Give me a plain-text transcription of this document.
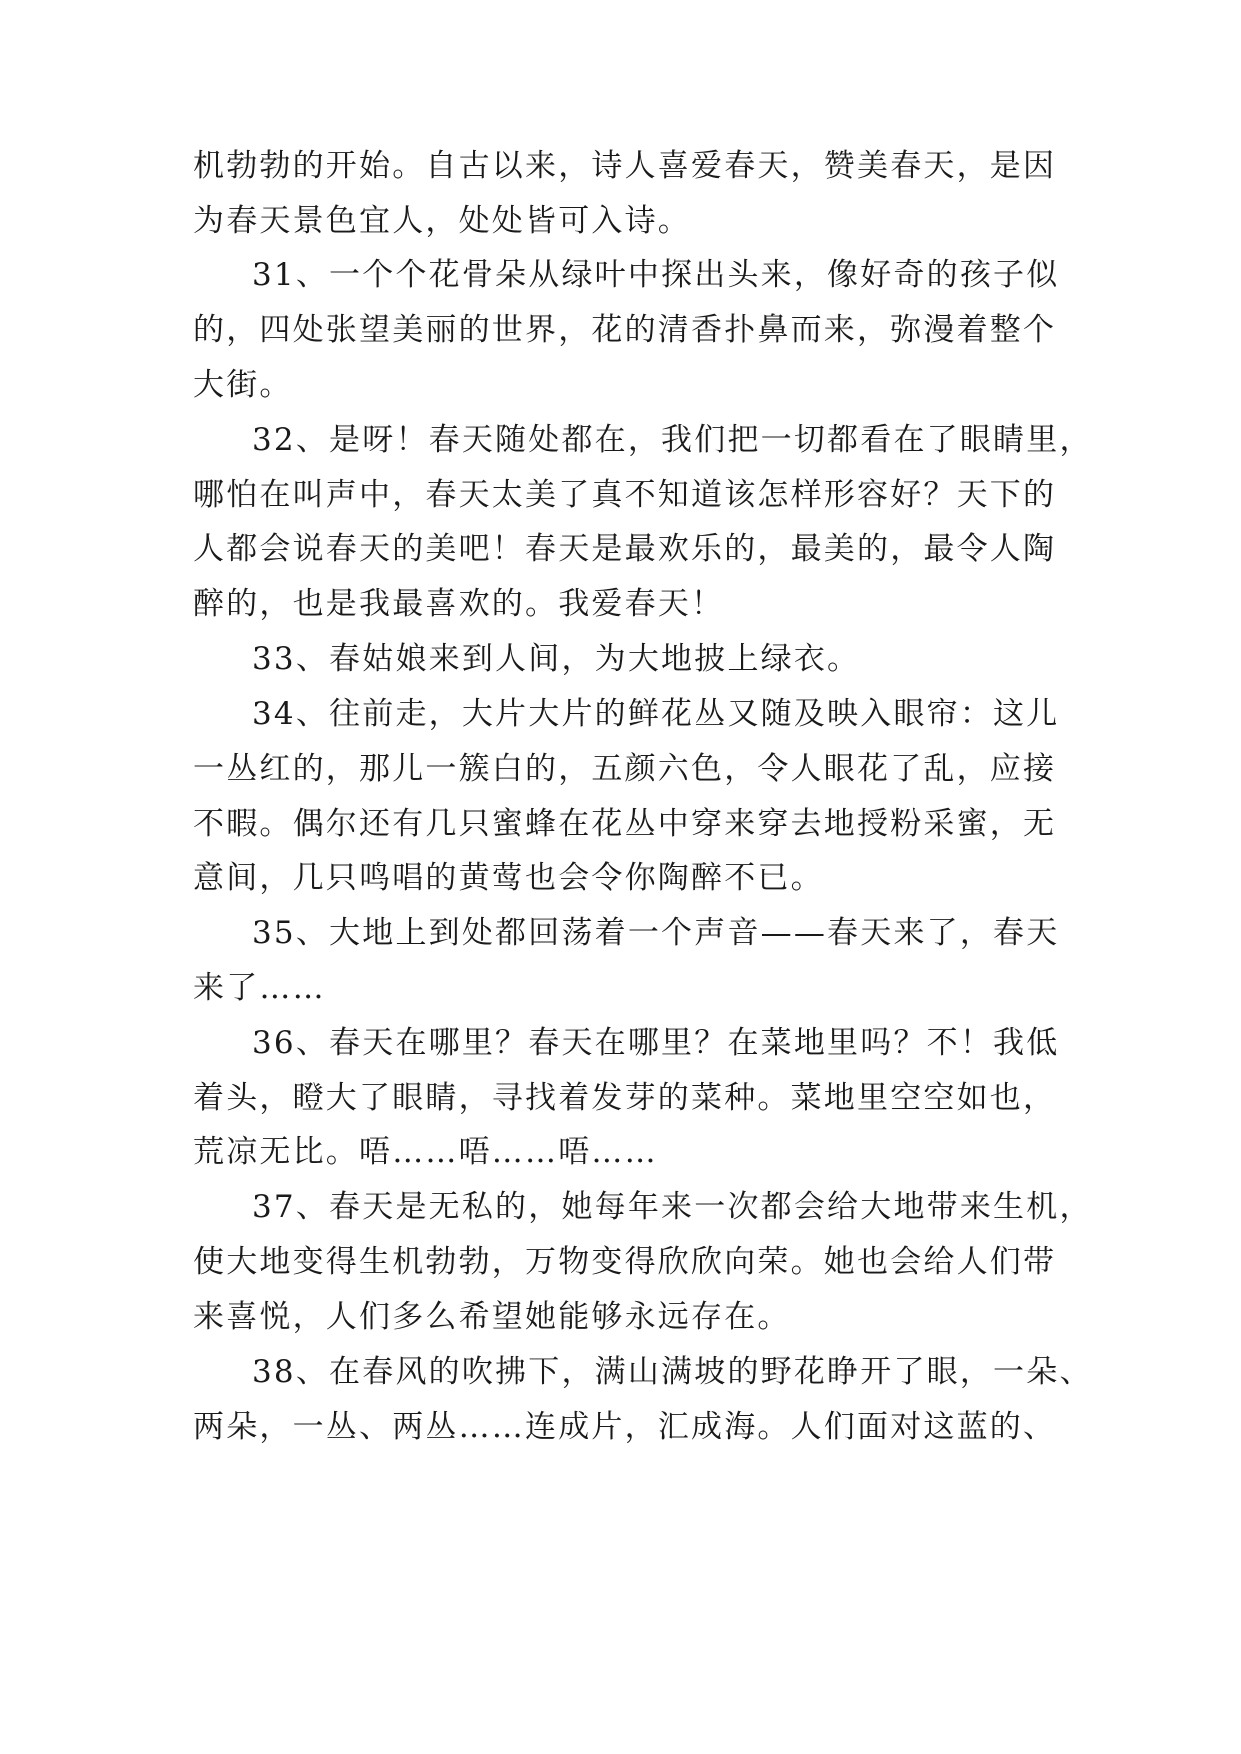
机勃勃的开始。自古以来，诗人喜爱春天，赞美春天，是因
为春天景色宜人，处处皆可入诗。
31、一个个花骨朵从绿叶中探出头来，像好奇的孩子似
的，四处张望美丽的世界，花的清香扑鼻而来，弥漫着整个
大街。
32、是呀！春天随处都在，我们把一切都看在了眼睛里，
哪怕在叫声中，春天太美了真不知道该怎样形容好？天下的
人都会说春天的美吧！春天是最欢乐的，最美的，最令人陶
醉的，也是我最喜欢的。我爱春天！
33、春姑娘来到人间，为大地披上绿衣。
34、往前走，大片大片的鲜花丛又随及映入眼帘：这儿
一丛红的，那儿一簇白的，五颜六色，令人眼花了乱，应接
不暇。偶尔还有几只蜜蜂在花丛中穿来穿去地授粉采蜜，无
意间，几只鸣唱的黄莺也会令你陶醉不已。
35、大地上到处都回荡着一个声音——春天来了，春天
来了……
36、春天在哪里？春天在哪里？在菜地里吗？不！我低
着头，瞪大了眼睛，寻找着发芽的菜种。菜地里空空如也，
荒凉无比。唔……唔……唔……
37、春天是无私的，她每年来一次都会给大地带来生机，
使大地变得生机勃勃，万物变得欣欣向荣。她也会给人们带
来喜悦，人们多么希望她能够永远存在。
38、在春风的吹拂下，满山满坡的野花睁开了眼，一朵、
两朵，一丛、两丛……连成片，汇成海。人们面对这蓝的、
